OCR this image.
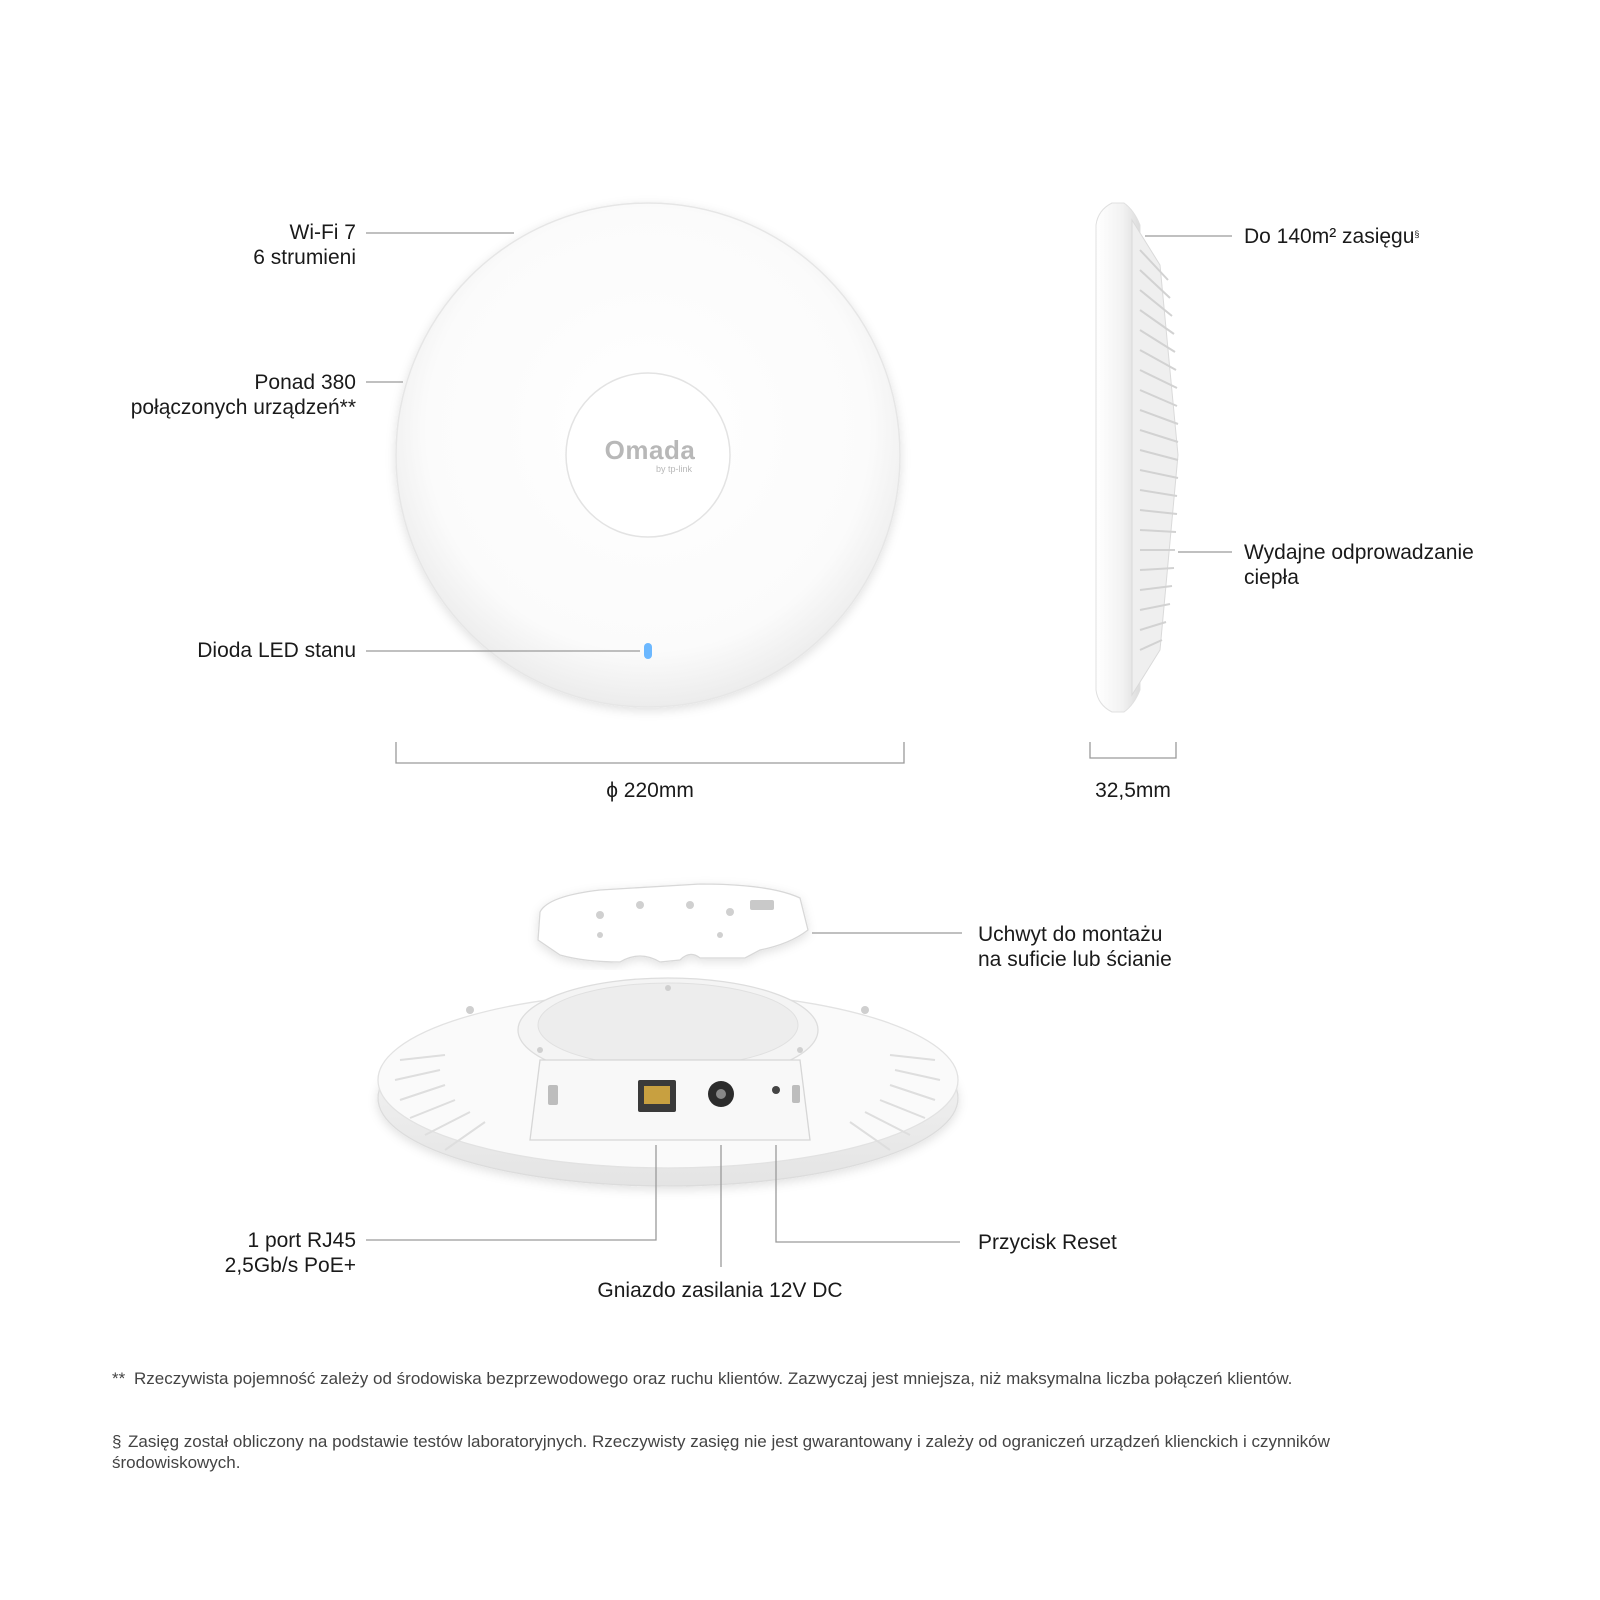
Omada
by tp-link
Wi-Fi 7
6 strumieni
Ponad 380
połączonych urządzeń**
Dioda LED stanu
Do 140m² zasięgu§
Wydajne odprowadzanie
ciepła
ϕ 220mm	32,5mm
Uchwyt do montażu
na suficie lub ścianie
1 port RJ45
2,5Gb/s PoE+
Przycisk Reset
Gniazdo zasilania 12V DC
** Rzeczywista pojemność zależy od środowiska bezprzewodowego oraz ruchu klientów. Zazwyczaj jest mniejsza, niż maksymalna liczba połączeń klientów.
§ Zasięg został obliczony na podstawie testów laboratoryjnych. Rzeczywisty zasięg nie jest gwarantowany i zależy od ograniczeń urządzeń klienckich i czynników środowiskowych.
